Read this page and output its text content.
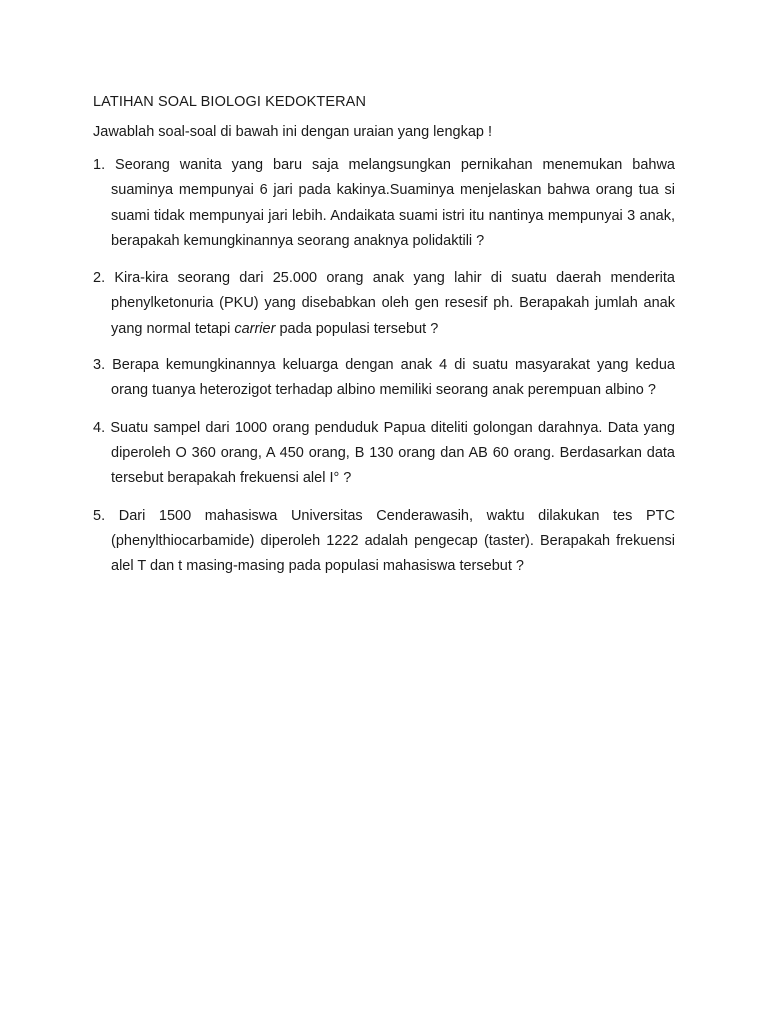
LATIHAN SOAL BIOLOGI KEDOKTERAN

Jawablah soal-soal di bawah ini dengan uraian yang lengkap !

1. Seorang wanita yang baru saja melangsungkan pernikahan menemukan bahwa suaminya mempunyai 6 jari pada kakinya.Suaminya menjelaskan bahwa orang tua si suami tidak mempunyai jari lebih. Andaikata suami istri itu nantinya mempunyai 3 anak, berapakah kemungkinannya seorang anaknya polidaktili ?
2. Kira-kira seorang dari 25.000 orang anak yang lahir di suatu daerah menderita phenylketonuria (PKU) yang disebabkan oleh gen resesif ph. Berapakah jumlah anak yang normal tetapi carrier pada populasi tersebut ?
3. Berapa kemungkinannya keluarga dengan anak 4 di suatu masyarakat yang kedua orang tuanya heterozigot terhadap albino memiliki seorang anak perempuan albino ?
4. Suatu sampel dari 1000 orang penduduk Papua diteliti golongan darahnya. Data yang diperoleh O 360 orang, A 450 orang, B 130 orang dan AB 60 orang. Berdasarkan data tersebut berapakah frekuensi alel I° ?
5. Dari 1500 mahasiswa Universitas Cenderawasih, waktu dilakukan tes PTC (phenylthiocarbamide) diperoleh 1222 adalah pengecap (taster). Berapakah frekuensi alel T dan t masing-masing pada populasi mahasiswa tersebut ?
